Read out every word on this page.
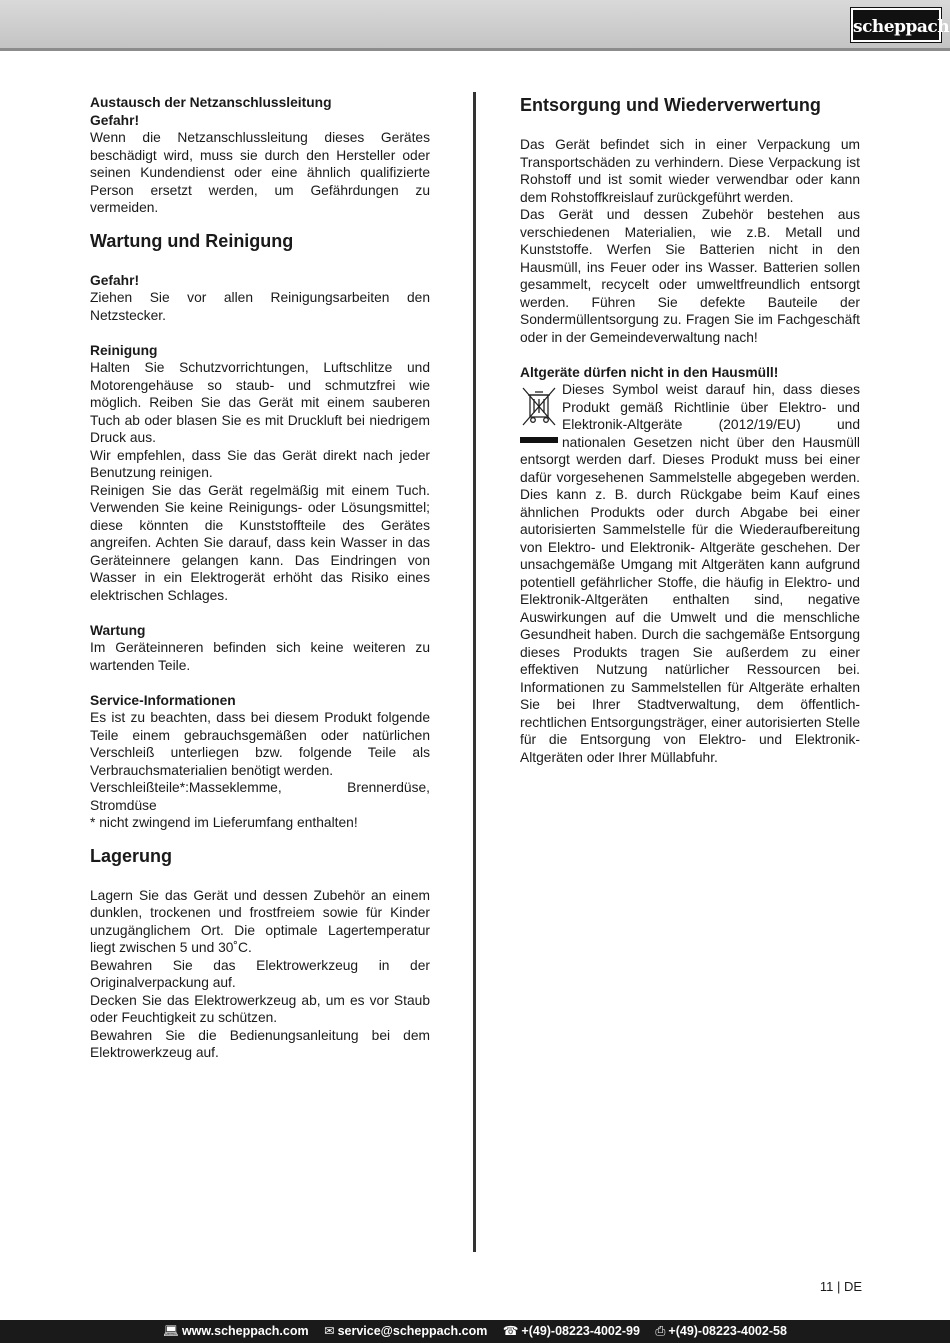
scheppach

Austausch der Netzanschlussleitung

Gefahr!

Wenn die Netzanschlussleitung dieses Gerätes beschädigt wird, muss sie durch den Hersteller oder seinen Kundendienst oder eine ähnlich qualifizierte Person ersetzt werden, um Gefährdungen zu vermeiden.

Wartung und Reinigung

Gefahr!

Ziehen Sie vor allen Reinigungsarbeiten den Netzstecker.

Reinigung

Halten Sie Schutzvorrichtungen, Luftschlitze und Motorengehäuse so staub- und schmutzfrei wie möglich. Reiben Sie das Gerät mit einem sauberen Tuch ab oder blasen Sie es mit Druckluft bei niedrigem Druck aus.

Wir empfehlen, dass Sie das Gerät direkt nach jeder Benutzung reinigen.

Reinigen Sie das Gerät regelmäßig mit einem Tuch. Verwenden Sie keine Reinigungs- oder Lösungsmittel; diese könnten die Kunststoffteile des Gerätes angreifen. Achten Sie darauf, dass kein Wasser in das Geräteinnere gelangen kann. Das Eindringen von Wasser in ein Elektrogerät erhöht das Risiko eines elektrischen Schlages.

Wartung

Im Geräteinneren befinden sich keine weiteren zu wartenden Teile.

Service-Informationen

Es ist zu beachten, dass bei diesem Produkt folgende Teile einem gebrauchsgemäßen oder natürlichen Verschleiß unterliegen bzw. folgende Teile als Verbrauchsmaterialien benötigt werden.

Verschleißteile*:Masseklemme, Brennerdüse, Stromdüse

* nicht zwingend im Lieferumfang enthalten!

Lagerung

Lagern Sie das Gerät und dessen Zubehör an einem dunklen, trockenen und frostfreiem sowie für Kinder unzugänglichem Ort. Die optimale Lagertemperatur liegt zwischen 5 und 30˚C.

Bewahren Sie das Elektrowerkzeug in der Originalverpackung auf.

Decken Sie das Elektrowerkzeug ab, um es vor Staub oder Feuchtigkeit zu schützen.

Bewahren Sie die Bedienungsanleitung bei dem Elektrowerkzeug auf.

Entsorgung und Wiederverwertung

Das Gerät befindet sich in einer Verpackung um Transportschäden zu verhindern. Diese Verpackung ist Rohstoff und ist somit wieder verwendbar oder kann dem Rohstoffkreislauf zurückgeführt werden.

Das Gerät und dessen Zubehör bestehen aus verschiedenen Materialien, wie z.B. Metall und Kunststoffe. Werfen Sie Batterien nicht in den Hausmüll, ins Feuer oder ins Wasser. Batterien sollen gesammelt, recycelt oder umweltfreundlich entsorgt werden. Führen Sie defekte Bauteile der Sondermüllentsorgung zu. Fragen Sie im Fachgeschäft oder in der Gemeindeverwaltung nach!

Altgeräte dürfen nicht in den Hausmüll!

Dieses Symbol weist darauf hin, dass dieses Produkt gemäß Richtlinie über Elektro- und Elektronik-Altgeräte (2012/19/EU) und nationalen Gesetzen nicht über den Hausmüll entsorgt werden darf. Dieses Produkt muss bei einer dafür vorgesehenen Sammelstelle abgegeben werden. Dies kann z. B. durch Rückgabe beim Kauf eines ähnlichen Produkts oder durch Abgabe bei einer autorisierten Sammelstelle für die Wiederaufbereitung von Elektro- und Elektronik- Altgeräte geschehen. Der unsachgemäße Umgang mit Altgeräten kann aufgrund potentiell gefährlicher Stoffe, die häufig in Elektro- und Elektronik-Altgeräten enthalten sind, negative Auswirkungen auf die Umwelt und die menschliche Gesundheit haben. Durch die sachgemäße Entsorgung dieses Produkts tragen Sie außerdem zu einer effektiven Nutzung natürlicher Ressourcen bei. Informationen zu Sammelstellen für Altgeräte erhalten Sie bei Ihrer Stadtverwaltung, dem öffentlich-rechtlichen Entsorgungsträger, einer autorisierten Stelle für die Entsorgung von Elektro- und Elektronik-Altgeräten oder Ihrer Müllabfuhr.

11 | DE
💻︎ www.scheppach.com ✉︎ service@scheppach.com ☎︎ +(49)-08223-4002-99 ⎙ +(49)-08223-4002-58
